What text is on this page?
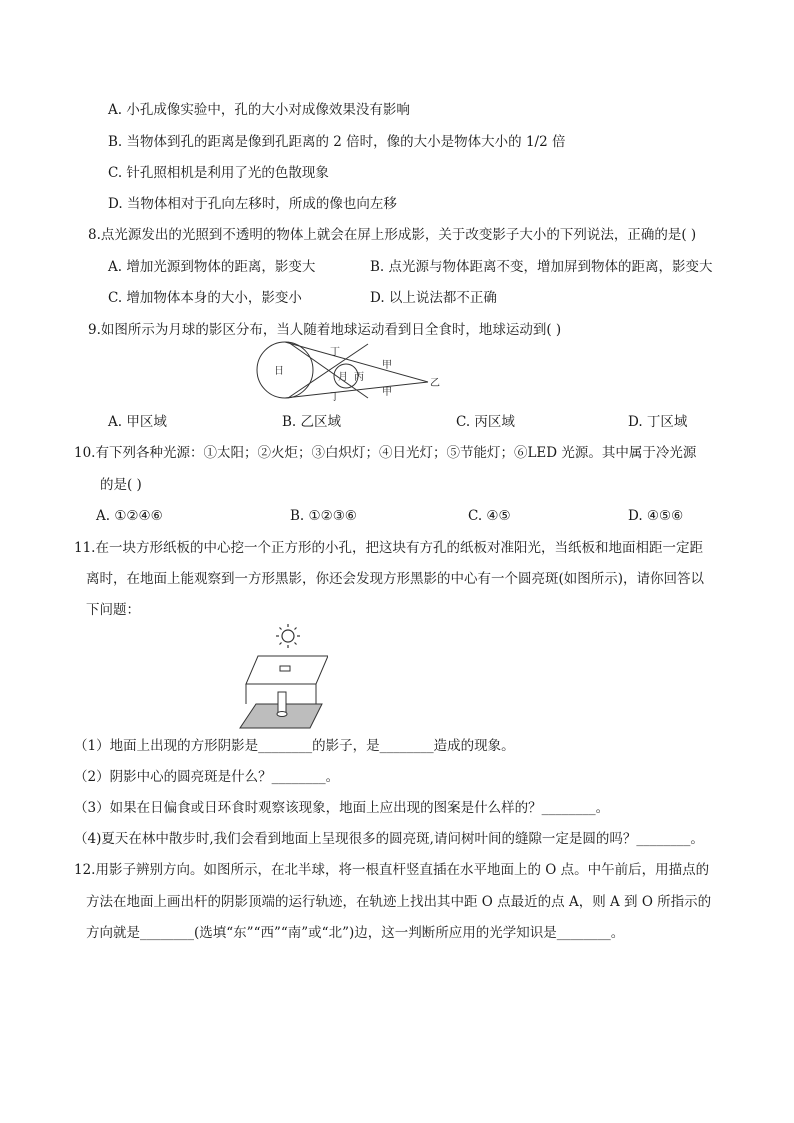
A. 小孔成像实验中，孔的大小对成像效果没有影响
B. 当物体到孔的距离是像到孔距离的 2 倍时，像的大小是物体大小的 1/2 倍
C. 针孔照相机是利用了光的色散现象
D. 当物体相对于孔向左移时，所成的像也向左移
8.点光源发出的光照到不透明的物体上就会在屏上形成影，关于改变影子大小的下列说法，正确的是( )
A. 增加光源到物体的距离，影变大	B. 点光源与物体距离不变，增加屏到物体的距离，影变大
C. 增加物体本身的大小，影变小	D. 以上说法都不正确
9.如图所示为月球的影区分布，当人随着地球运动看到日全食时，地球运动到( )
日
月 丙
丁
丁
甲
甲
乙
A. 甲区域	B. 乙区域	C. 丙区域	D. 丁区域
10.有下列各种光源：①太阳；②火炬；③白炽灯；④日光灯；⑤节能灯；⑥LED 光源。其中属于冷光源
的是( )
A. ①②④⑥	B. ①②③⑥	C. ④⑤	D. ④⑤⑥
11.在一块方形纸板的中心挖一个正方形的小孔，把这块有方孔的纸板对准阳光，当纸板和地面相距一定距
离时，在地面上能观察到一方形黑影，你还会发现方形黑影的中心有一个圆亮斑(如图所示)，请你回答以
下问题：
（1）地面上出现的方形阴影是________的影子，是________造成的现象。
（2）阴影中心的圆亮斑是什么？________。
（3）如果在日偏食或日环食时观察该现象，地面上应出现的图案是什么样的？________。
（4)夏天在林中散步时,我们会看到地面上呈现很多的圆亮斑,请问树叶间的缝隙一定是圆的吗？________。
12.用影子辨别方向。如图所示，在北半球，将一根直杆竖直插在水平地面上的 O 点。中午前后，用描点的
方法在地面上画出杆的阴影顶端的运行轨迹，在轨迹上找出其中距 O 点最近的点 A，则 A 到 O 所指示的
方向就是________(选填“东”“西”“南”或“北”)边，这一判断所应用的光学知识是________。
